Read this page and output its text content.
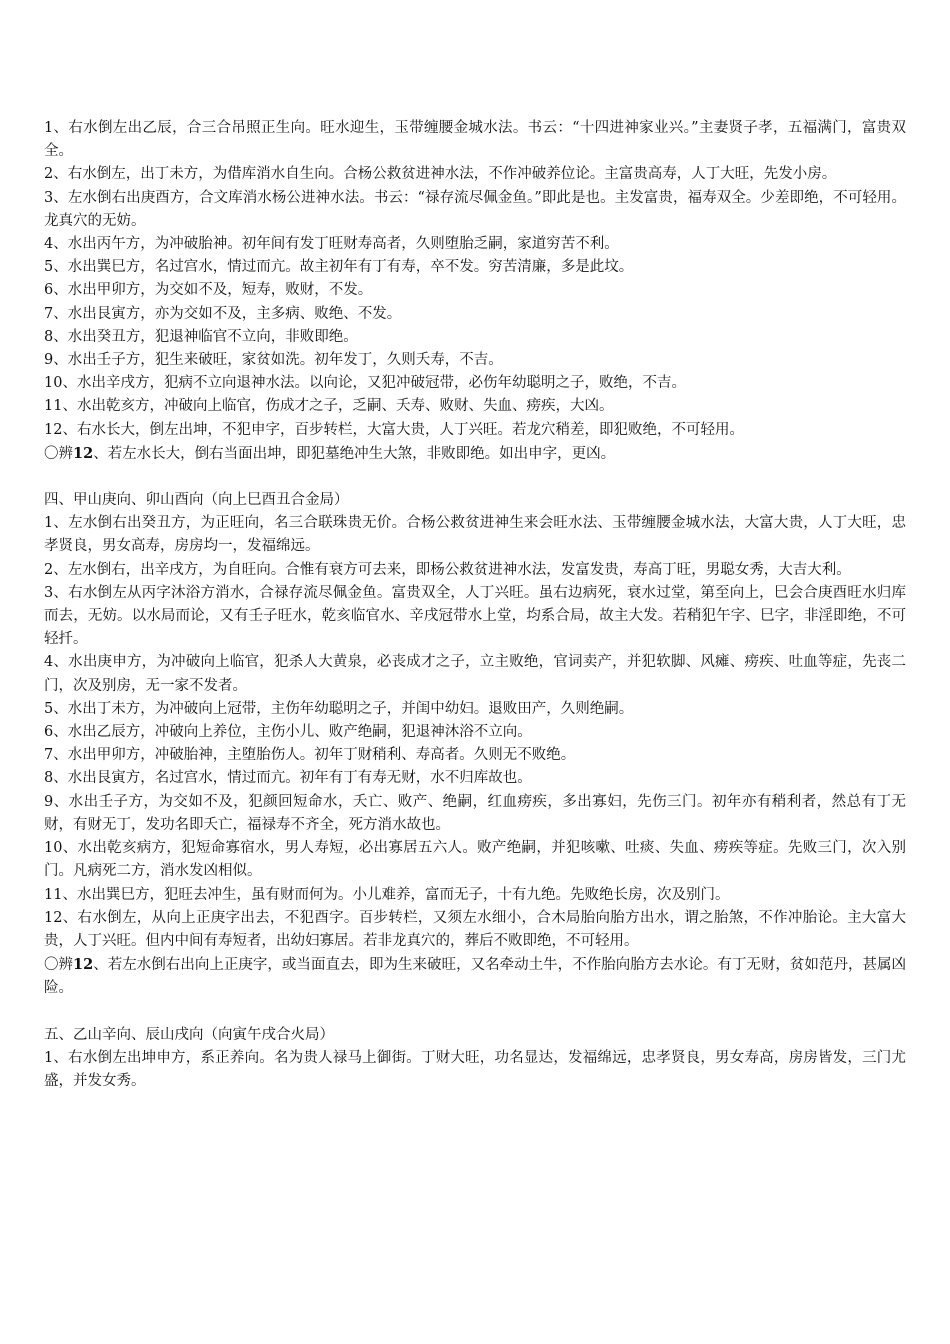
1、右水倒左出乙辰，合三合吊照正生向。旺水迎生，玉带缠腰金城水法。书云：“十四进神家业兴。”主妻贤子孝，五福满门，富贵双全。

2、右水倒左，出丁未方，为借库消水自生向。合杨公救贫进神水法，不作冲破养位论。主富贵高寿，人丁大旺，先发小房。

3、左水倒右出庚酉方，合文库消水杨公进神水法。书云：“禄存流尽佩金鱼。”即此是也。主发富贵，福寿双全。少差即绝，不可轻用。龙真穴的无妨。

4、水出丙午方，为冲破胎神。初年间有发丁旺财寿高者，久则堕胎乏嗣，家道穷苦不利。

5、水出巽巳方，名过宫水，情过而亢。故主初年有丁有寿，卒不发。穷苦清廉，多是此坟。

6、水出甲卯方，为交如不及，短寿，败财，不发。

7、水出艮寅方，亦为交如不及，主多病、败绝、不发。

8、水出癸丑方，犯退神临官不立向，非败即绝。

9、水出壬子方，犯生来破旺，家贫如洗。初年发丁，久则夭寿，不吉。

10、水出辛戌方，犯病不立向退神水法。以向论，又犯冲破冠带，必伤年幼聪明之子，败绝，不吉。

11、水出乾亥方，冲破向上临官，伤成才之子，乏嗣、夭寿、败财、失血、痨疾，大凶。

12、右水长大，倒左出坤，不犯申字，百步转栏，大富大贵，人丁兴旺。若龙穴稍差，即犯败绝，不可轻用。

〇辨12、若左水长大，倒右当面出坤，即犯墓绝冲生大煞，非败即绝。如出申字，更凶。

四、甲山庚向、卯山酉向（向上巳酉丑合金局）

1、左水倒右出癸丑方，为正旺向，名三合联珠贵无价。合杨公救贫进神生来会旺水法、玉带缠腰金城水法，大富大贵，人丁大旺，忠孝贤良，男女高寿，房房均一，发福绵远。

2、左水倒右，出辛戌方，为自旺向。合惟有衰方可去来，即杨公救贫进神水法，发富发贵，寿高丁旺，男聪女秀，大吉大利。

3、右水倒左从丙字沐浴方消水，合禄存流尽佩金鱼。富贵双全，人丁兴旺。虽右边病死，衰水过堂，第至向上，巳会合庚酉旺水归库而去，无妨。以水局而论，又有壬子旺水，乾亥临官水、辛戌冠带水上堂，均系合局，故主大发。若稍犯午字、巳字，非淫即绝，不可轻扦。

4、水出庚申方，为冲破向上临官，犯杀人大黄泉，必丧成才之子，立主败绝，官词卖产，并犯软脚、风瘫、痨疾、吐血等症，先丧二门，次及别房，无一家不发者。

5、水出丁未方，为冲破向上冠带，主伤年幼聪明之子，并闺中幼妇。退败田产，久则绝嗣。

6、水出乙辰方，冲破向上养位，主伤小儿、败产绝嗣，犯退神沐浴不立向。

7、水出甲卯方，冲破胎神，主堕胎伤人。初年丁财稍利、寿高者。久则无不败绝。

8、水出艮寅方，名过宫水，情过而亢。初年有丁有寿无财，水不归库故也。

9、水出壬子方，为交如不及，犯颜回短命水，夭亡、败产、绝嗣，红血痨疾，多出寡妇，先伤三门。初年亦有稍利者，然总有丁无财，有财无丁，发功名即夭亡，福禄寿不齐全，死方消水故也。

10、水出乾亥病方，犯短命寡宿水，男人寿短，必出寡居五六人。败产绝嗣，并犯咳嗽、吐痰、失血、痨疾等症。先败三门，次入别门。凡病死二方，消水发凶相似。

11、水出巽巳方，犯旺去冲生，虽有财而何为。小儿难养，富而无子，十有九绝。先败绝长房，次及别门。

12、右水倒左，从向上正庚字出去，不犯酉字。百步转栏，又须左水细小，合木局胎向胎方出水，谓之胎煞，不作冲胎论。主大富大贵，人丁兴旺。但内中间有寿短者，出幼妇寡居。若非龙真穴的，葬后不败即绝，不可轻用。

〇辨12、若左水倒右出向上正庚字，或当面直去，即为生来破旺，又名牵动土牛，不作胎向胎方去水论。有丁无财，贫如范丹，甚属凶险。

五、乙山辛向、辰山戌向（向寅午戌合火局）

1、右水倒左出坤申方，系正养向。名为贵人禄马上御街。丁财大旺，功名显达，发福绵远，忠孝贤良，男女寿高，房房皆发，三门尤盛，并发女秀。
